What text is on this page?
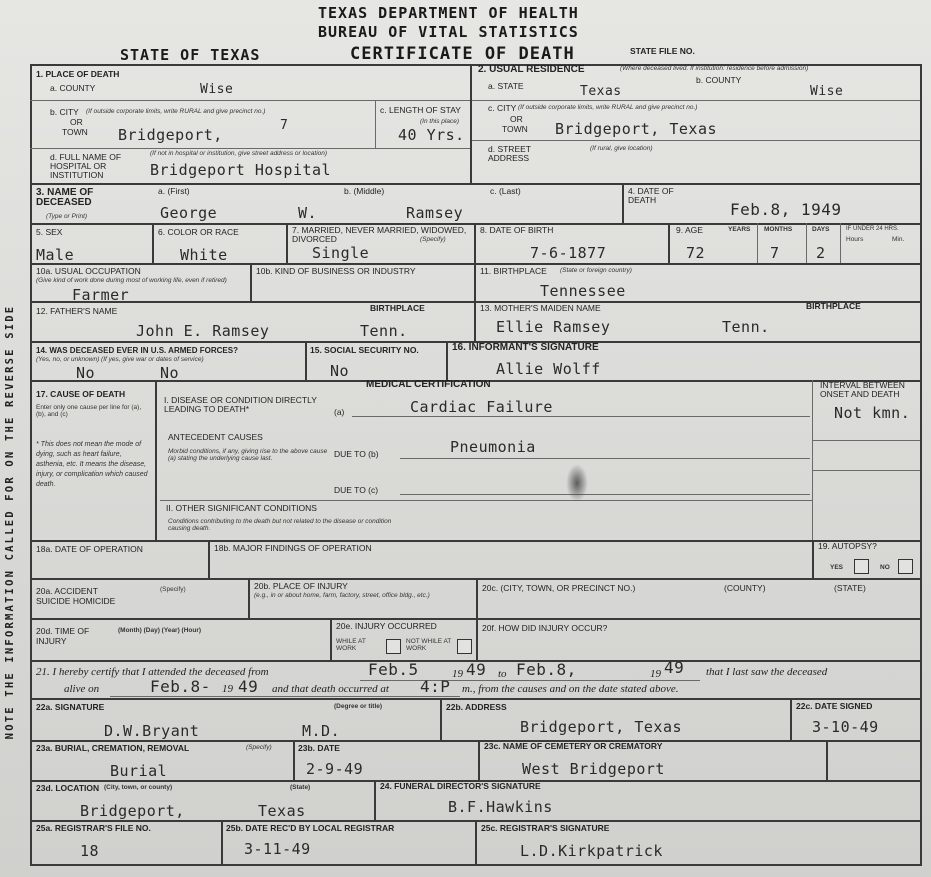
TEXAS DEPARTMENT OF HEALTH
BUREAU OF VITAL STATISTICS
STATE OF TEXAS	CERTIFICATE OF DEATH	STATE FILE NO.
NOTE THE INFORMATION CALLED FOR ON THE REVERSE SIDE
1. PLACE OF DEATH
a. COUNTY	Wise
b. CITY (If outside corporate limits, write RURAL and give precinct no.)
OR
TOWN Bridgeport,
7
c. LENGTH OF STAY
(In this place)
40 Yrs.
d. FULL NAME OF HOSPITAL OR INSTITUTION
(If not in hospital or institution, give street address or location)
Bridgeport Hospital
2. USUAL RESIDENCE	(Where deceased lived. If institution: residence before admission)
a. STATE	Texas
b. COUNTY
Wise
c. CITY (If outside corporate limits, write RURAL and give precinct no.)
OR
TOWN Bridgeport, Texas
d. STREET ADDRESS
(If rural, give location)
3. NAME OF DECEASED
(Type or Print)
a. (First)	b. (Middle)	c. (Last)
George	W.	Ramsey
4. DATE OF DEATH	Feb.8, 1949
5. SEX
Male
6. COLOR OR RACE
White
7. MARRIED, NEVER MARRIED, WIDOWED, DIVORCED	(Specify)
Single
8. DATE OF BIRTH
7-6-1877
9. AGE
72
YEARS
7
MONTHS
2
DAYS	IF UNDER 24 HRS.
Hours	Min.
10a. USUAL OCCUPATION
(Give kind of work done during most of working life, even if retired)
Farmer
10b. KIND OF BUSINESS OR INDUSTRY	11. BIRTHPLACE (State or foreign country)
Tennessee
12. FATHER'S NAME	BIRTHPLACE
John E. Ramsey	Tenn.
13. MOTHER'S MAIDEN NAME	BIRTHPLACE
Ellie Ramsey	Tenn.
14. WAS DECEASED EVER IN U.S. ARMED FORCES?
(Yes, no, or unknown) (If yes, give war or dates of service)
No	No
15. SOCIAL SECURITY NO.
No
16. INFORMANT'S SIGNATURE
Allie Wolff
MEDICAL CERTIFICATION	INTERVAL BETWEEN ONSET AND DEATH
Not kmn.
17. CAUSE OF DEATH
Enter only one cause per line for (a), (b), and (c)
* This does not mean the mode of dying, such as heart failure, asthenia, etc. It means the disease, injury, or complication which caused death.
I. DISEASE OR CONDITION DIRECTLY LEADING TO DEATH*	(a)	Cardiac Failure
ANTECEDENT CAUSES
Morbid conditions, if any, giving rise to the above cause (a) stating the underlying cause last.	DUE TO (b)	Pneumonia
DUE TO (c)
II. OTHER SIGNIFICANT CONDITIONS
Conditions contributing to the death but not related to the disease or condition causing death.
18a. DATE OF OPERATION	18b. MAJOR FINDINGS OF OPERATION	19. AUTOPSY?
YES	NO
20a. ACCIDENT SUICIDE HOMICIDE
(Specify)	20b. PLACE OF INJURY
(e.g., in or about home, farm, factory, street, office bldg., etc.)
20c. (CITY, TOWN, OR PRECINCT NO.)	(COUNTY)	(STATE)
20d. TIME OF INJURY
(Month) (Day) (Year) (Hour)	20e. INJURY OCCURRED
WHILE AT WORK
NOT WHILE AT WORK
20f. HOW DID INJURY OCCUR?
21. I hereby certify that I attended the deceased from	Feb.5	19 49 to Feb.8,	19 49 that I last saw the deceased
alive on	Feb.8- 19 49 and that death occurred at 4:P m., from the causes and on the date stated above.
22a. SIGNATURE	(Degree or title)
D.W.Bryant	M.D.
22b. ADDRESS
Bridgeport, Texas
22c. DATE SIGNED
3-10-49
23a. BURIAL, CREMATION, REMOVAL	(Specify)
Burial
23b. DATE
2-9-49
23c. NAME OF CEMETERY OR CREMATORY
West Bridgeport
23d. LOCATION (City, town, or county)	(State)
Bridgeport,	Texas
24. FUNERAL DIRECTOR'S SIGNATURE
B.F.Hawkins
25a. REGISTRAR'S FILE NO.
18
25b. DATE REC'D BY LOCAL REGISTRAR
3-11-49
25c. REGISTRAR'S SIGNATURE
L.D.Kirkpatrick
